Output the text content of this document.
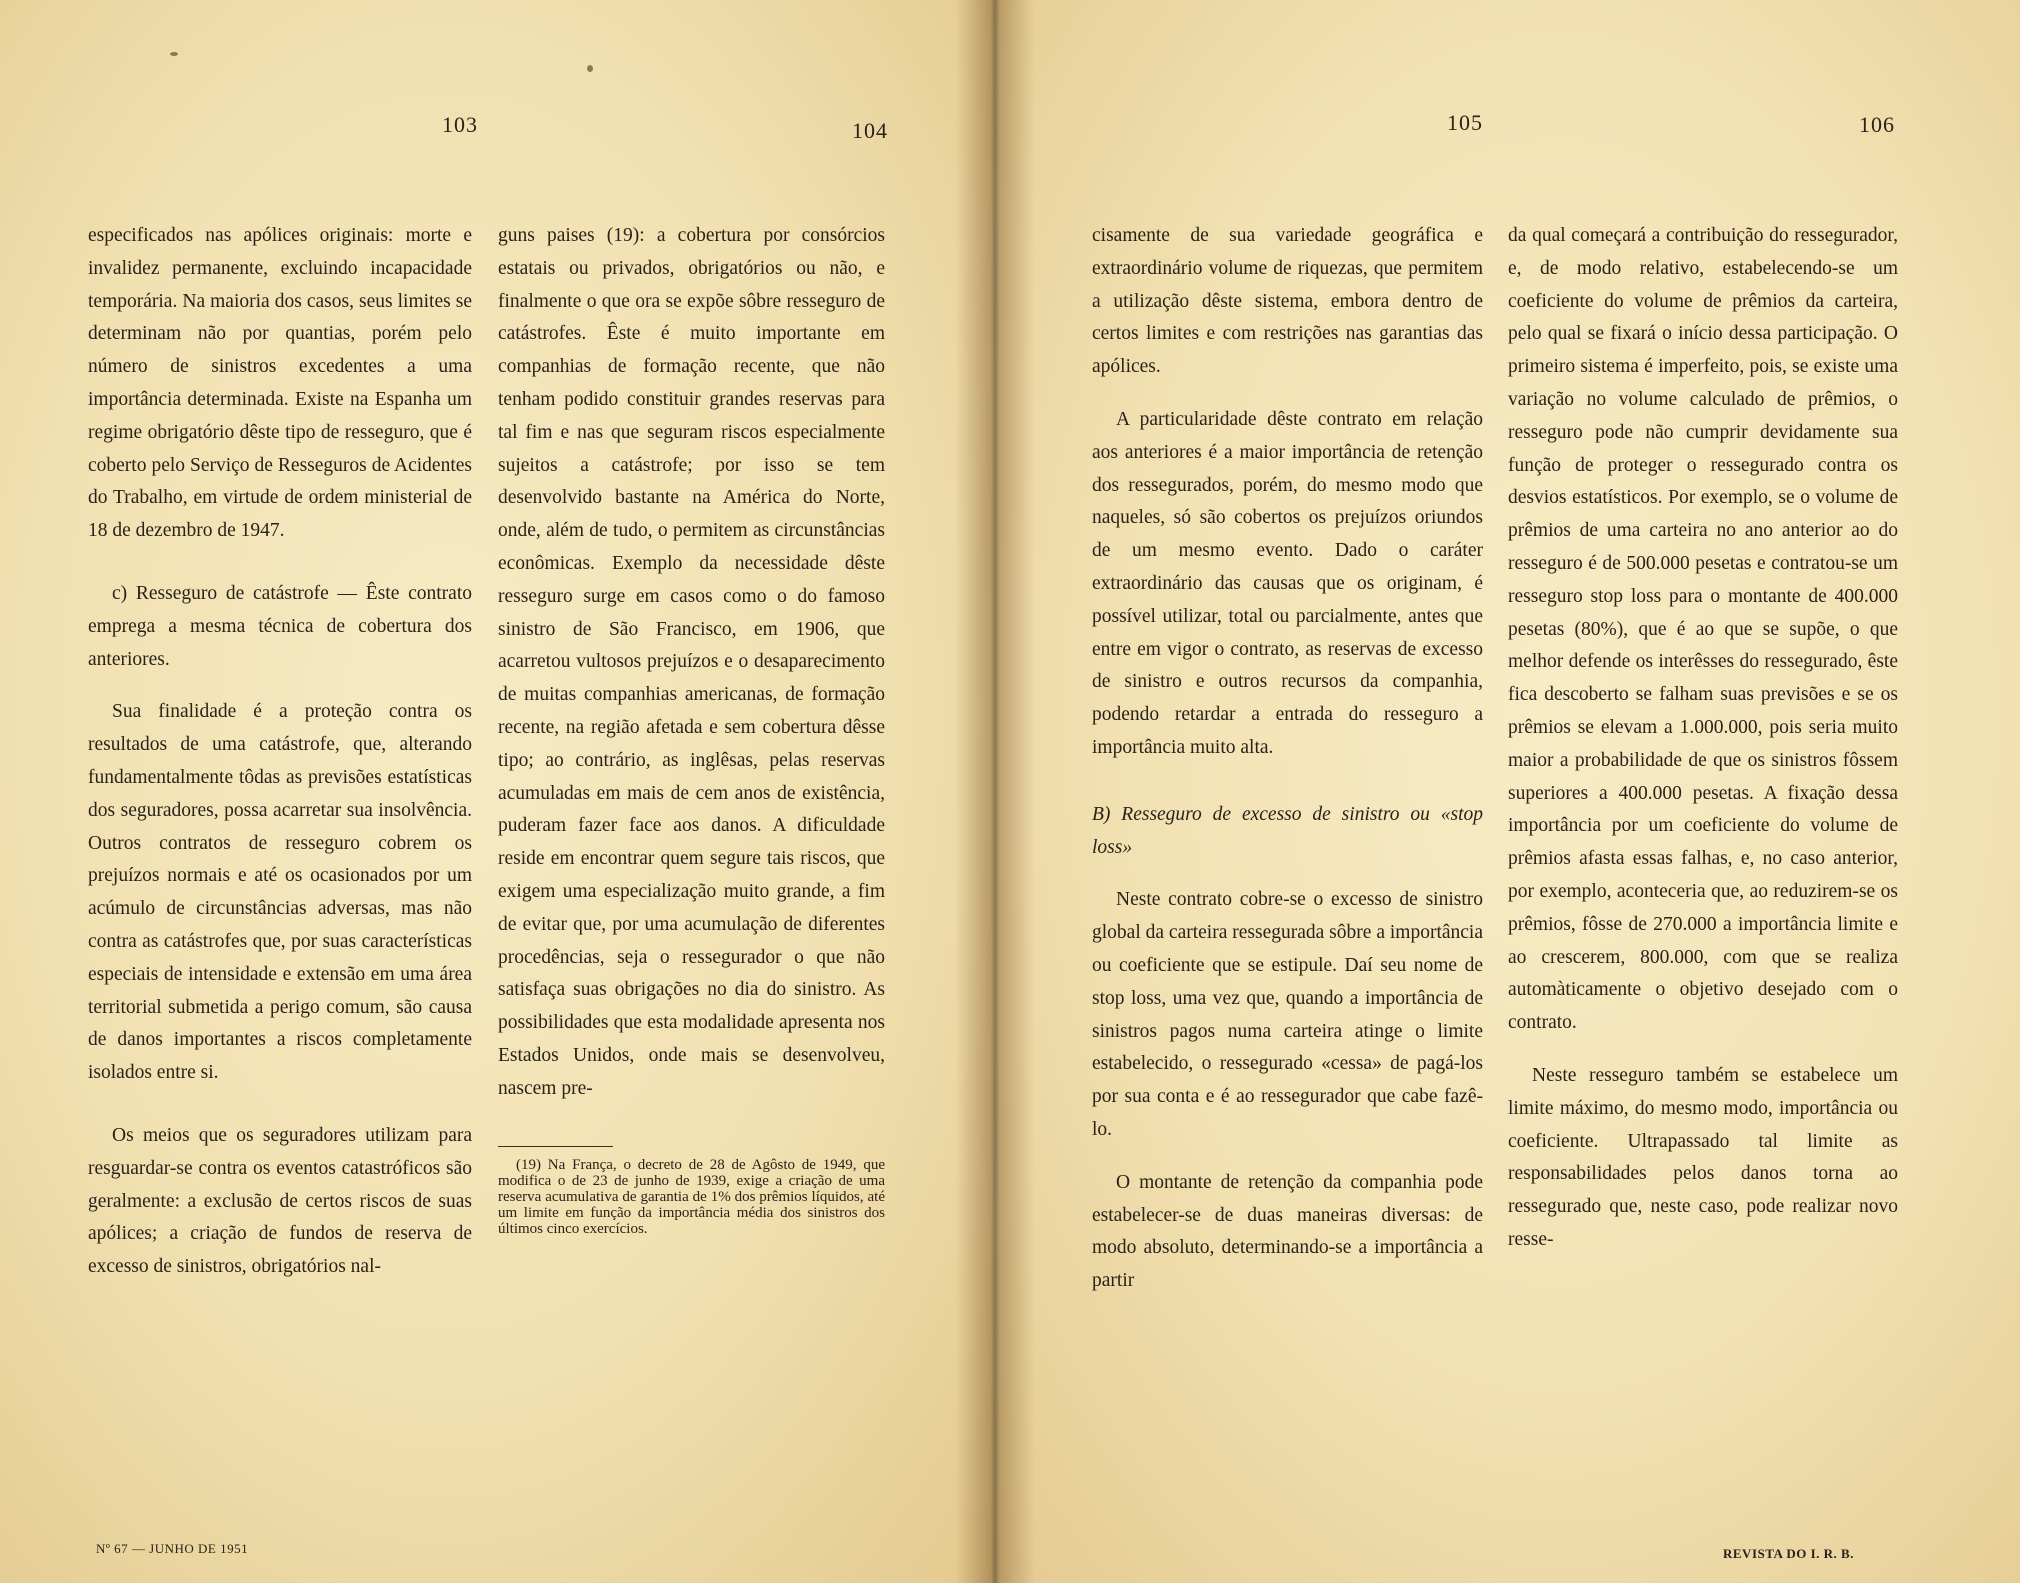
103	104	105	106

especificados nas apólices originais: morte e invalidez permanente, excluindo incapacidade temporária. Na maioria dos casos, seus limites se determinam não por quantias, porém pelo número de sinistros excedentes a uma importância determinada. Existe na Espanha um regime obrigatório dêste tipo de resseguro, que é coberto pelo Serviço de Resseguros de Acidentes do Trabalho, em virtude de ordem ministerial de 18 de dezembro de 1947.

c) Resseguro de catástrofe — Êste contrato emprega a mesma técnica de cobertura dos anteriores.

Sua finalidade é a proteção contra os resultados de uma catástrofe, que, alterando fundamentalmente tôdas as previsões estatísticas dos seguradores, possa acarretar sua insolvência. Outros contratos de resseguro cobrem os prejuízos normais e até os ocasionados por um acúmulo de circunstâncias adversas, mas não contra as catástrofes que, por suas características especiais de intensidade e extensão em uma área territorial submetida a perigo comum, são causa de danos importantes a riscos completamente isolados entre si.

Os meios que os seguradores utilizam para resguardar-se contra os eventos catastróficos são geralmente: a exclusão de certos riscos de suas apólices; a criação de fundos de reserva de excesso de sinistros, obrigatórios nal-

guns paises (19): a cobertura por consórcios estatais ou privados, obrigatórios ou não, e finalmente o que ora se expõe sôbre resseguro de catástrofes. Êste é muito importante em companhias de formação recente, que não tenham podido constituir grandes reservas para tal fim e nas que seguram riscos especialmente sujeitos a catástrofe; por isso se tem desenvolvido bastante na América do Norte, onde, além de tudo, o permitem as circunstâncias econômicas. Exemplo da necessidade dêste resseguro surge em casos como o do famoso sinistro de São Francisco, em 1906, que acarretou vultosos prejuízos e o desaparecimento de muitas companhias americanas, de formação recente, na região afetada e sem cobertura dêsse tipo; ao contrário, as inglêsas, pelas reservas acumuladas em mais de cem anos de existência, puderam fazer face aos danos. A dificuldade reside em encontrar quem segure tais riscos, que exigem uma especialização muito grande, a fim de evitar que, por uma acumulação de diferentes procedências, seja o ressegurador o que não satisfaça suas obrigações no dia do sinistro. As possibilidades que esta modalidade apresenta nos Estados Unidos, onde mais se desenvolveu, nascem pre-

(19) Na França, o decreto de 28 de Agôsto de 1949, que modifica o de 23 de junho de 1939, exige a criação de uma reserva acumulativa de garantia de 1% dos prêmios líquidos, até um limite em função da importância média dos sinistros dos últimos cinco exercícios.

cisamente de sua variedade geográfica e extraordinário volume de riquezas, que permitem a utilização dêste sistema, embora dentro de certos limites e com restrições nas garantias das apólices.

A particularidade dêste contrato em relação aos anteriores é a maior importância de retenção dos ressegurados, porém, do mesmo modo que naqueles, só são cobertos os prejuízos oriundos de um mesmo evento. Dado o caráter extraordinário das causas que os originam, é possível utilizar, total ou parcialmente, antes que entre em vigor o contrato, as reservas de excesso de sinistro e outros recursos da companhia, podendo retardar a entrada do resseguro a importância muito alta.

B) Resseguro de excesso de sinistro ou «stop loss»

Neste contrato cobre-se o excesso de sinistro global da carteira ressegurada sôbre a importância ou coeficiente que se estipule. Daí seu nome de stop loss, uma vez que, quando a importância de sinistros pagos numa carteira atinge o limite estabelecido, o ressegurado «cessa» de pagá-los por sua conta e é ao ressegurador que cabe fazê-lo.

O montante de retenção da companhia pode estabelecer-se de duas maneiras diversas: de modo absoluto, determinando-se a importância a partir

da qual começará a contribuição do ressegurador, e, de modo relativo, estabelecendo-se um coeficiente do volume de prêmios da carteira, pelo qual se fixará o início dessa participação. O primeiro sistema é imperfeito, pois, se existe uma variação no volume calculado de prêmios, o resseguro pode não cumprir devidamente sua função de proteger o ressegurado contra os desvios estatísticos. Por exemplo, se o volume de prêmios de uma carteira no ano anterior ao do resseguro é de 500.000 pesetas e contratou-se um resseguro stop loss para o montante de 400.000 pesetas (80%), que é ao que se supõe, o que melhor defende os interêsses do ressegurado, êste fica descoberto se falham suas previsões e se os prêmios se elevam a 1.000.000, pois seria muito maior a probabilidade de que os sinistros fôssem superiores a 400.000 pesetas. A fixação dessa importância por um coeficiente do volume de prêmios afasta essas falhas, e, no caso anterior, por exemplo, aconteceria que, ao reduzirem-se os prêmios, fôsse de 270.000 a importância limite e ao crescerem, 800.000, com que se realiza automàticamente o objetivo desejado com o contrato.

Neste resseguro também se estabelece um limite máximo, do mesmo modo, importância ou coeficiente. Ultrapassado tal limite as responsabilidades pelos danos torna ao ressegurado que, neste caso, pode realizar novo resse-

Nº 67 — JUNHO DE 1951	REVISTA DO I. R. B.
